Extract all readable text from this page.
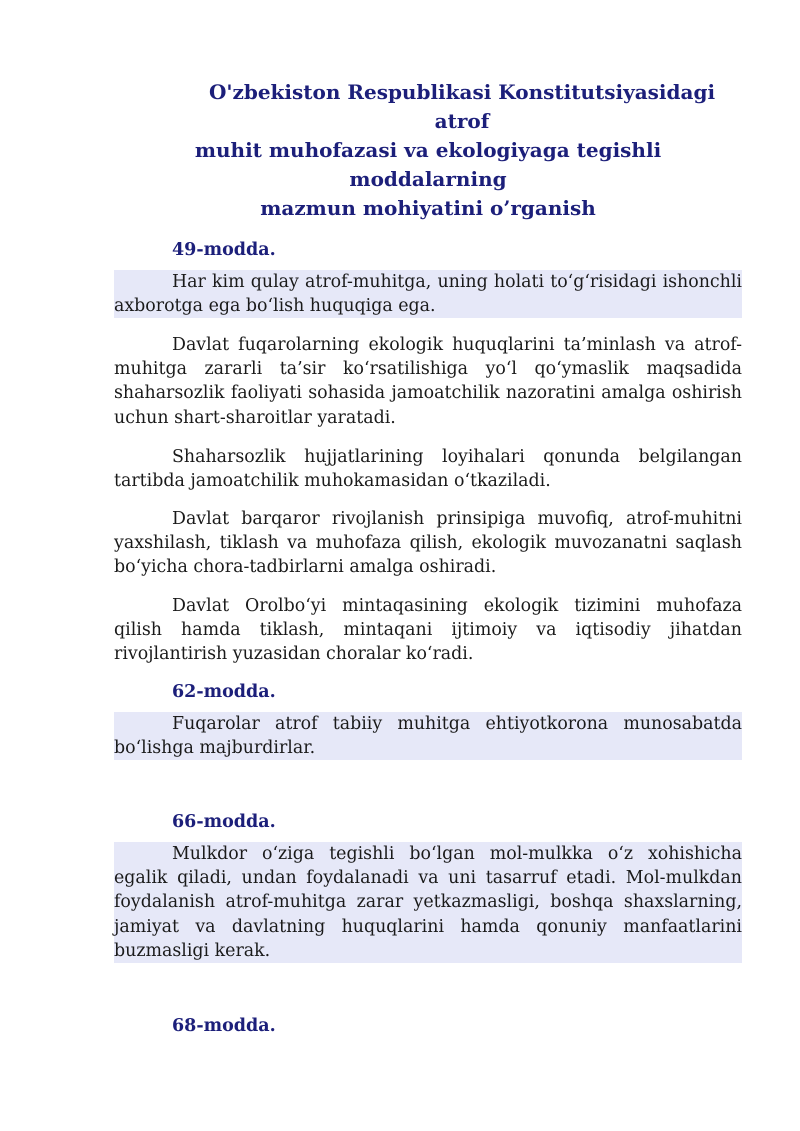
O'zbekiston Respublikasi Konstitutsiyasidagi atrof
muhit muhofazasi va ekologiyaga tegishli moddalarning
mazmun mohiyatini o’rganish
49-modda.
Har kim qulay atrof-muhitga, uning holati to‘g‘risidagi ishonchli axborotga ega bo‘lish huquqiga ega.
Davlat fuqarolarning ekologik huquqlarini ta’minlash va atrof-muhitga zararli ta’sir ko‘rsatilishiga yo‘l qo‘ymaslik maqsadida shaharsozlik faoliyati sohasida jamoatchilik nazoratini amalga oshirish uchun shart-sharoitlar yaratadi.
Shaharsozlik hujjatlarining loyihalari qonunda belgilangan tartibda jamoatchilik muhokamasidan o‘tkaziladi.
Davlat barqaror rivojlanish prinsipiga muvofiq, atrof-muhitni yaxshilash, tiklash va muhofaza qilish, ekologik muvozanatni saqlash bo‘yicha chora-tadbirlarni amalga oshiradi.
Davlat Orolbo‘yi mintaqasining ekologik tizimini muhofaza qilish hamda tiklash, mintaqani ijtimoiy va iqtisodiy jihatdan rivojlantirish yuzasidan choralar ko‘radi.
62-modda.
Fuqarolar atrof tabiiy muhitga ehtiyotkorona munosabatda bo‘lishga majburdirlar.
66-modda.
Mulkdor o‘ziga tegishli bo‘lgan mol-mulkka o‘z xohishicha egalik qiladi, undan foydalanadi va uni tasarruf etadi. Mol-mulkdan foydalanish atrof-muhitga zarar yetkazmasligi, boshqa shaxslarning, jamiyat va davlatning huquqlarini hamda qonuniy manfaatlarini buzmasligi kerak.
68-modda.
